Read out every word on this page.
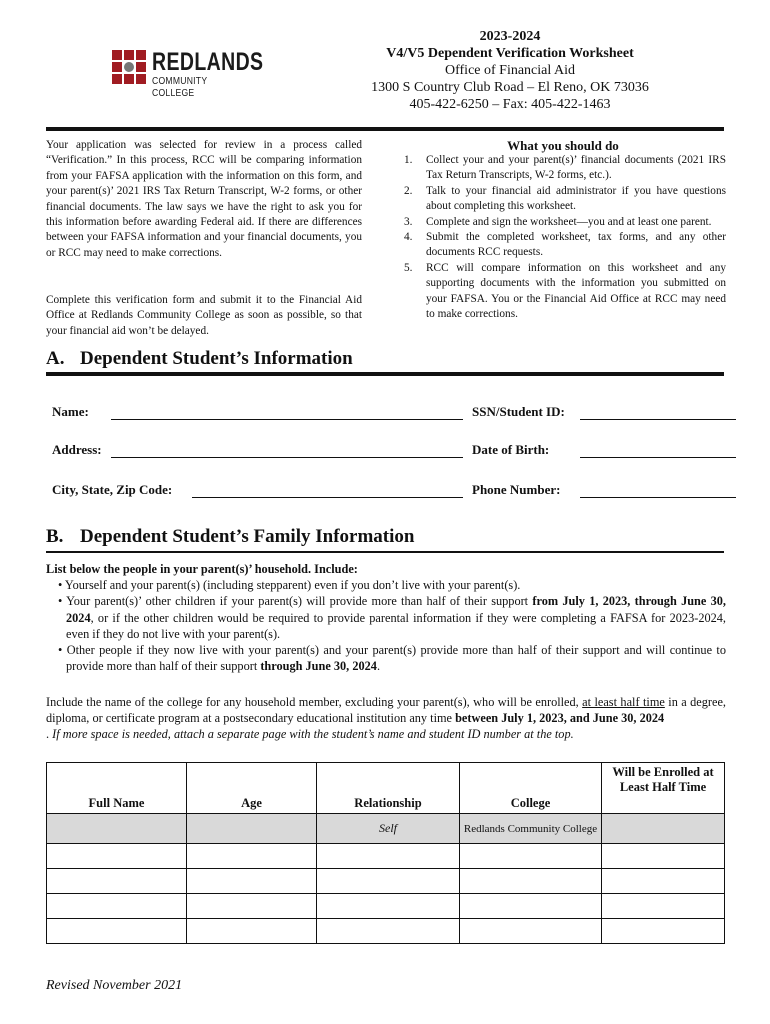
REDLANDS
COMMUNITY COLLEGE
2023-2024
V4/V5 Dependent Verification Worksheet
Office of Financial Aid
1300 S Country Club Road – El Reno, OK 73036
405-422-6250 – Fax: 405-422-1463
Your application was selected for review in a process called “Verification.” In this process, RCC will be comparing information from your FAFSA application with the information on this form, and your parent(s)’ 2021 IRS Tax Return Transcript, W-2 forms, or other financial documents. The law says we have the right to ask you for this information before awarding Federal aid. If there are differences between your FAFSA information and your financial documents, you or RCC may need to make corrections.
Complete this verification form and submit it to the Financial Aid Office at Redlands Community College as soon as possible, so that your financial aid won’t be delayed.
What you should do
1. Collect your and your parent(s)’ financial documents (2021 IRS Tax Return Transcripts, W-2 forms, etc.).
2. Talk to your financial aid administrator if you have questions about completing this worksheet.
3. Complete and sign the worksheet—you and at least one parent.
4. Submit the completed worksheet, tax forms, and any other documents RCC requests.
5. RCC will compare information on this worksheet and any supporting documents with the information you submitted on your FAFSA. You or the Financial Aid Office at RCC may need to make corrections.
A. Dependent Student’s Information
Name:	SSN/Student ID:
Address:	Date of Birth:
City, State, Zip Code:	Phone Number:
B. Dependent Student’s Family Information
List below the people in your parent(s)’ household. Include:
• Yourself and your parent(s) (including stepparent) even if you don’t live with your parent(s).
• Your parent(s)’ other children if your parent(s) will provide more than half of their support from July 1, 2023, through June 30, 2024, or if the other children would be required to provide parental information if they were completing a FAFSA for 2023-2024, even if they do not live with your parent(s).
• Other people if they now live with your parent(s) and your parent(s) provide more than half of their support and will continue to provide more than half of their support through June 30, 2024.
Include the name of the college for any household member, excluding your parent(s), who will be enrolled, at least half time in a degree, diploma, or certificate program at a postsecondary educational institution any time between July 1, 2023, and June 30, 2024
. If more space is needed, attach a separate page with the student’s name and student ID number at the top.
Full Name	Age	Relationship	College	Will be Enrolled at Least Half Time
		Self	Redlands Community College	

Revised November 2021
